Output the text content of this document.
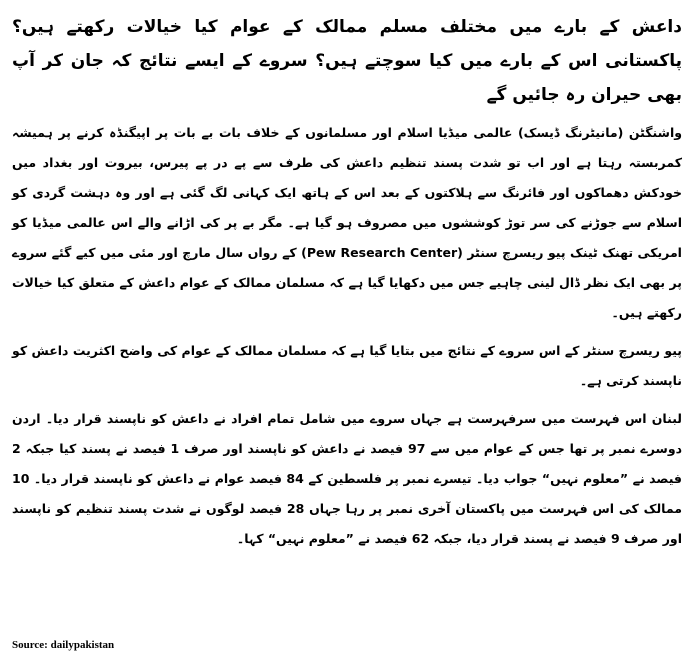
داعش کے بارے میں مختلف مسلم ممالک کے عوام کیا خیالات رکھتے ہیں؟ پاکستانی اس کے بارے میں کیا سوچتے ہیں؟ سروے کے ایسے نتائج کہ جان کر آپ بھی حیران رہ جائیں گے

واشنگٹن (مانیٹرنگ ڈیسک) عالمی میڈیا اسلام اور مسلمانوں کے خلاف بات بے بات پر اپیگنڈہ کرنے پر ہمیشہ کمربستہ رہتا ہے اور اب تو شدت پسند تنظیم داعش کی طرف سے پے در پے پیرس، بیروت اور بغداد میں خودکش دھماکوں اور فائرنگ سے ہلاکتوں کے بعد اس کے ہاتھ ایک کہانی لگ گئی ہے اور وہ دہشت گردی کو اسلام سے جوڑنے کی سر توڑ کوششوں میں مصروف ہو گیا ہے۔ مگر بے پر کی اڑانے والے اس عالمی میڈیا کو امریکی تھنک ٹینک پیو ریسرچ سنٹر (Pew Research Center) کے رواں سال مارچ اور مئی میں کیے گئے سروے پر بھی ایک نظر ڈال لینی چاہیے جس میں دکھایا گیا ہے کہ مسلمان ممالک کے عوام داعش کے متعلق کیا خیالات رکھتے ہیں۔

پیو ریسرچ سنٹر کے اس سروے کے نتائج میں بتایا گیا ہے کہ مسلمان ممالک کے عوام کی واضح اکثریت داعش کو ناپسند کرتی ہے۔

لبنان اس فہرست میں سرفہرست ہے جہاں سروے میں شامل تمام افراد نے داعش کو ناپسند قرار دیا۔ اردن دوسرے نمبر پر تھا جس کے عوام میں سے 97 فیصد نے داعش کو ناپسند اور صرف 1 فیصد نے پسند کیا جبکہ 2 فیصد نے ”معلوم نہیں“ جواب دیا۔ تیسرے نمبر پر فلسطین کے 84 فیصد عوام نے داعش کو ناپسند قرار دیا۔ 10 ممالک کی اس فہرست میں پاکستان آخری نمبر پر رہا جہاں 28 فیصد لوگوں نے شدت پسند تنظیم کو ناپسند اور صرف 9 فیصد نے پسند قرار دیا، جبکہ 62 فیصد نے ”معلوم نہیں“ کہا۔

Source: dailypakistan
